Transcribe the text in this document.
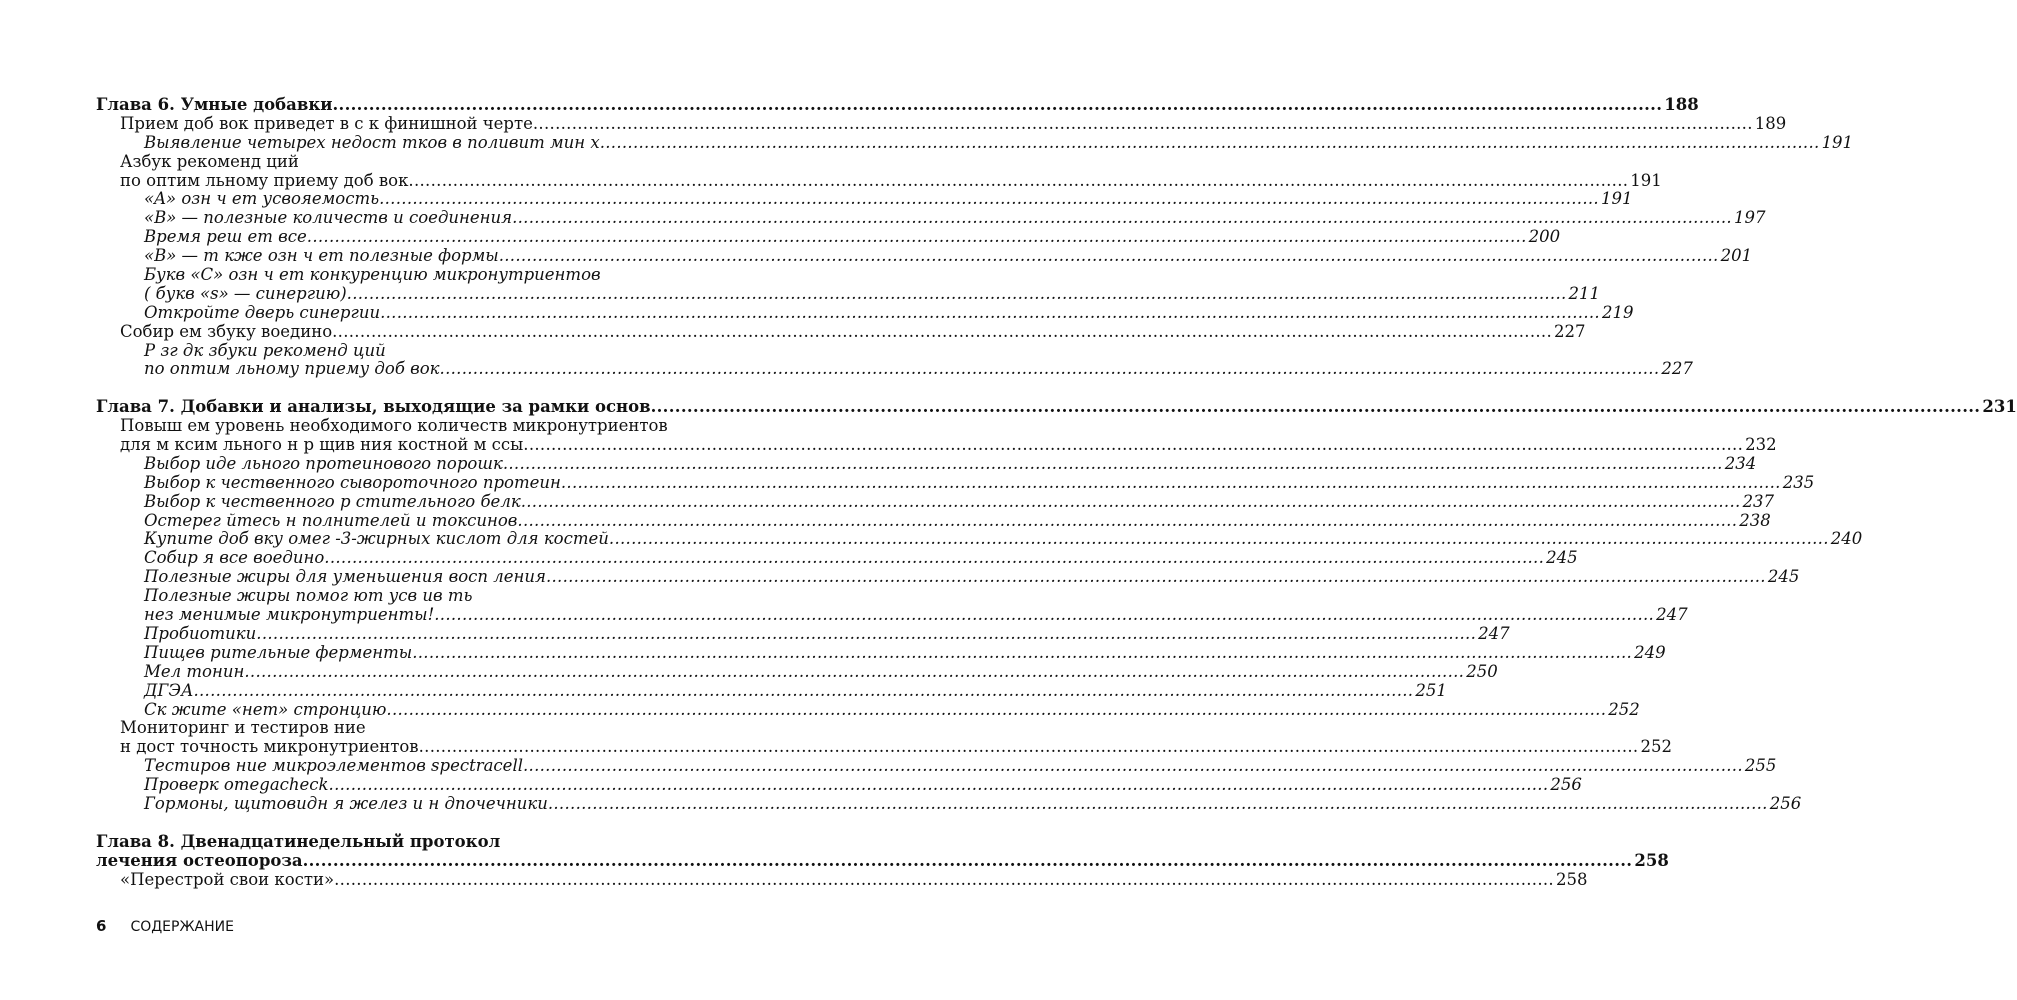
Глава 6. Умные добавки .....	188
Прием доб вок приведет в с к финишной черте .....	189
Выявление четырех недост тков в поливит мин х .....	191
Азбук рекоменд ций
по оптим льному приему доб вок .....	191
«A» озн ч ет усвояемость .....	191
«B» — полезные количеств и соединения .....	197
Время реш ет все .....	200
«B» — т кже озн ч ет полезные формы .....	201
Букв «C» озн ч ет конкуренцию микронутриентов
( букв «s» — синергию) .....	211
Откройте дверь синергии .....	219
Собир ем збуку воедино .....	227
Р зг дк збуки рекоменд ций
по оптим льному приему доб вок .....	227
Глава 7. Добавки и анализы, выходящие за рамки основ .....	231
Повыш ем уровень необходимого количеств микронутриентов
для м ксим льного н р щив ния костной м ссы .....	232
Выбор иде льного протеинового порошк .....	234
Выбор к чественного сывороточного протеин .....	235
Выбор к чественного р стительного белк .....	237
Остерег йтесь н полнителей и токсинов .....	238
Купите доб вку омег -3-жирных кислот для костей .....	240
Собир я все воедино .....	245
Полезные жиры для уменьшения восп ления .....	245
Полезные жиры помог ют усв ив ть
нез менимые микронутриенты! .....	247
Пробиотики .....	247
Пищев рительные ферменты .....	249
Мел тонин .....	250
ДГЭА .....	251
Ск жите «нет» стронцию .....	252
Мониторинг и тестиров ние
н дост точность микронутриентов .....	252
Тестиров ние микроэлементов spectracell .....	255
Проверк omegacheck .....	256
Гормоны, щитовидн я желез и н дпочечники .....	256
Глава 8. Двенадцатинедельный протокол
лечения остеопороза .....	258
«Перестрой свои кости» .....	258
6 СОДЕРЖАНИЕ
